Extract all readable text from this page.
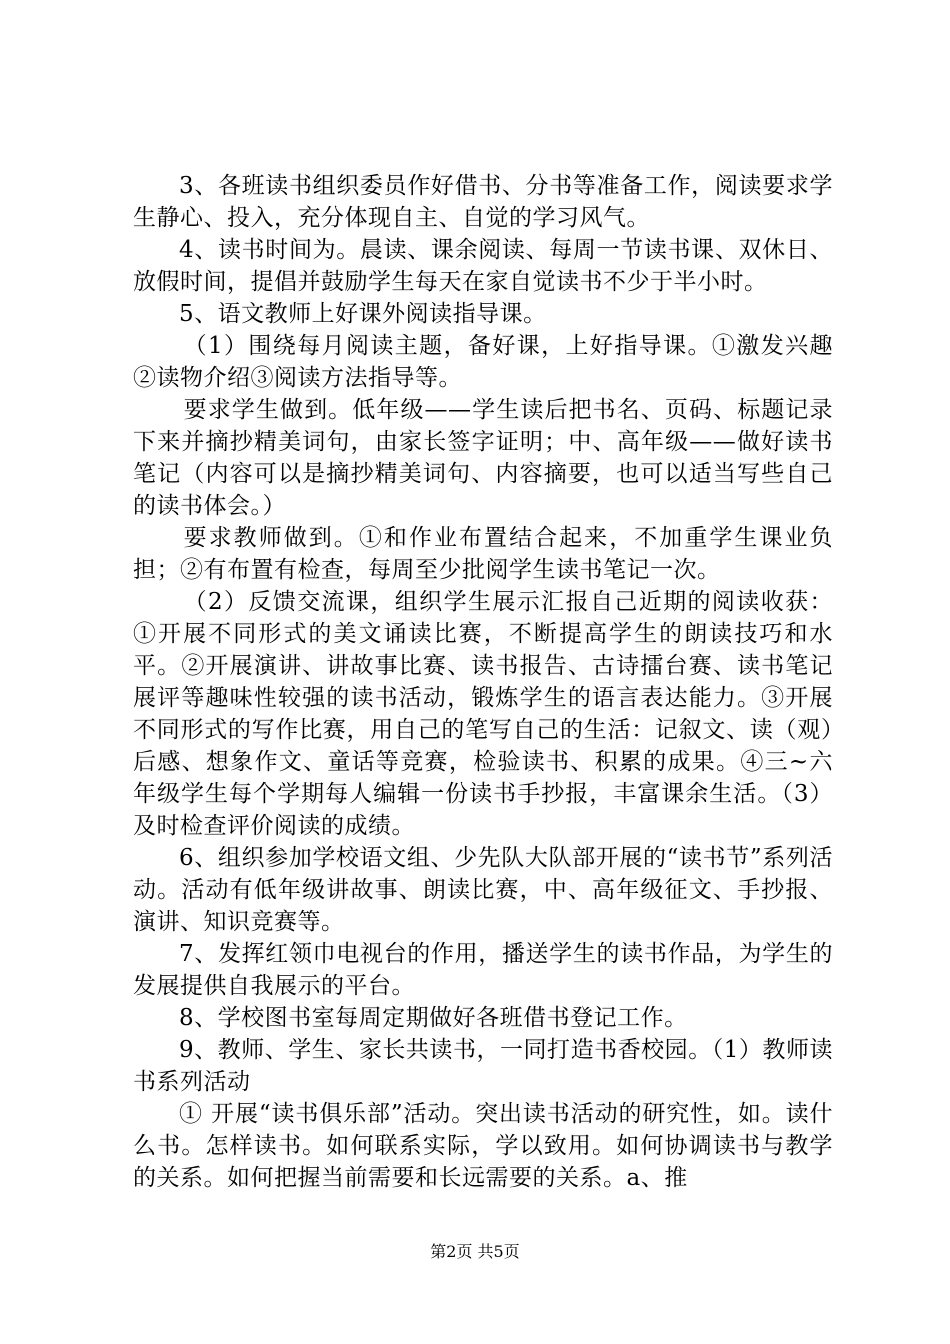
3、各班读书组织委员作好借书、分书等准备工作，阅读要求学生静心、投入，充分体现自主、自觉的学习风气。

4、读书时间为。晨读、课余阅读、每周一节读书课、双休日、放假时间，提倡并鼓励学生每天在家自觉读书不少于半小时。

5、语文教师上好课外阅读指导课。

（1）围绕每月阅读主题，备好课，上好指导课。①激发兴趣②读物介绍③阅读方法指导等。

要求学生做到。低年级——学生读后把书名、页码、标题记录下来并摘抄精美词句，由家长签字证明；中、高年级——做好读书笔记（内容可以是摘抄精美词句、内容摘要，也可以适当写些自己的读书体会。）

要求教师做到。①和作业布置结合起来，不加重学生课业负担；②有布置有检查，每周至少批阅学生读书笔记一次。

（2）反馈交流课，组织学生展示汇报自己近期的阅读收获：①开展不同形式的美文诵读比赛，不断提高学生的朗读技巧和水平。②开展演讲、讲故事比赛、读书报告、古诗擂台赛、读书笔记展评等趣味性较强的读书活动，锻炼学生的语言表达能力。③开展不同形式的写作比赛，用自己的笔写自己的生活：记叙文、读（观）后感、想象作文、童话等竞赛，检验读书、积累的成果。④三~六年级学生每个学期每人编辑一份读书手抄报，丰富课余生活。（3）及时检查评价阅读的成绩。

6、组织参加学校语文组、少先队大队部开展的“读书节”系列活动。活动有低年级讲故事、朗读比赛，中、高年级征文、手抄报、演讲、知识竞赛等。

7、发挥红领巾电视台的作用，播送学生的读书作品，为学生的发展提供自我展示的平台。

8、学校图书室每周定期做好各班借书登记工作。

9、教师、学生、家长共读书，一同打造书香校园。（1）教师读书系列活动

① 开展“读书俱乐部”活动。突出读书活动的研究性，如。读什么书。怎样读书。如何联系实际，学以致用。如何协调读书与教学的关系。如何把握当前需要和长远需要的关系。a、推

第2页 共5页
